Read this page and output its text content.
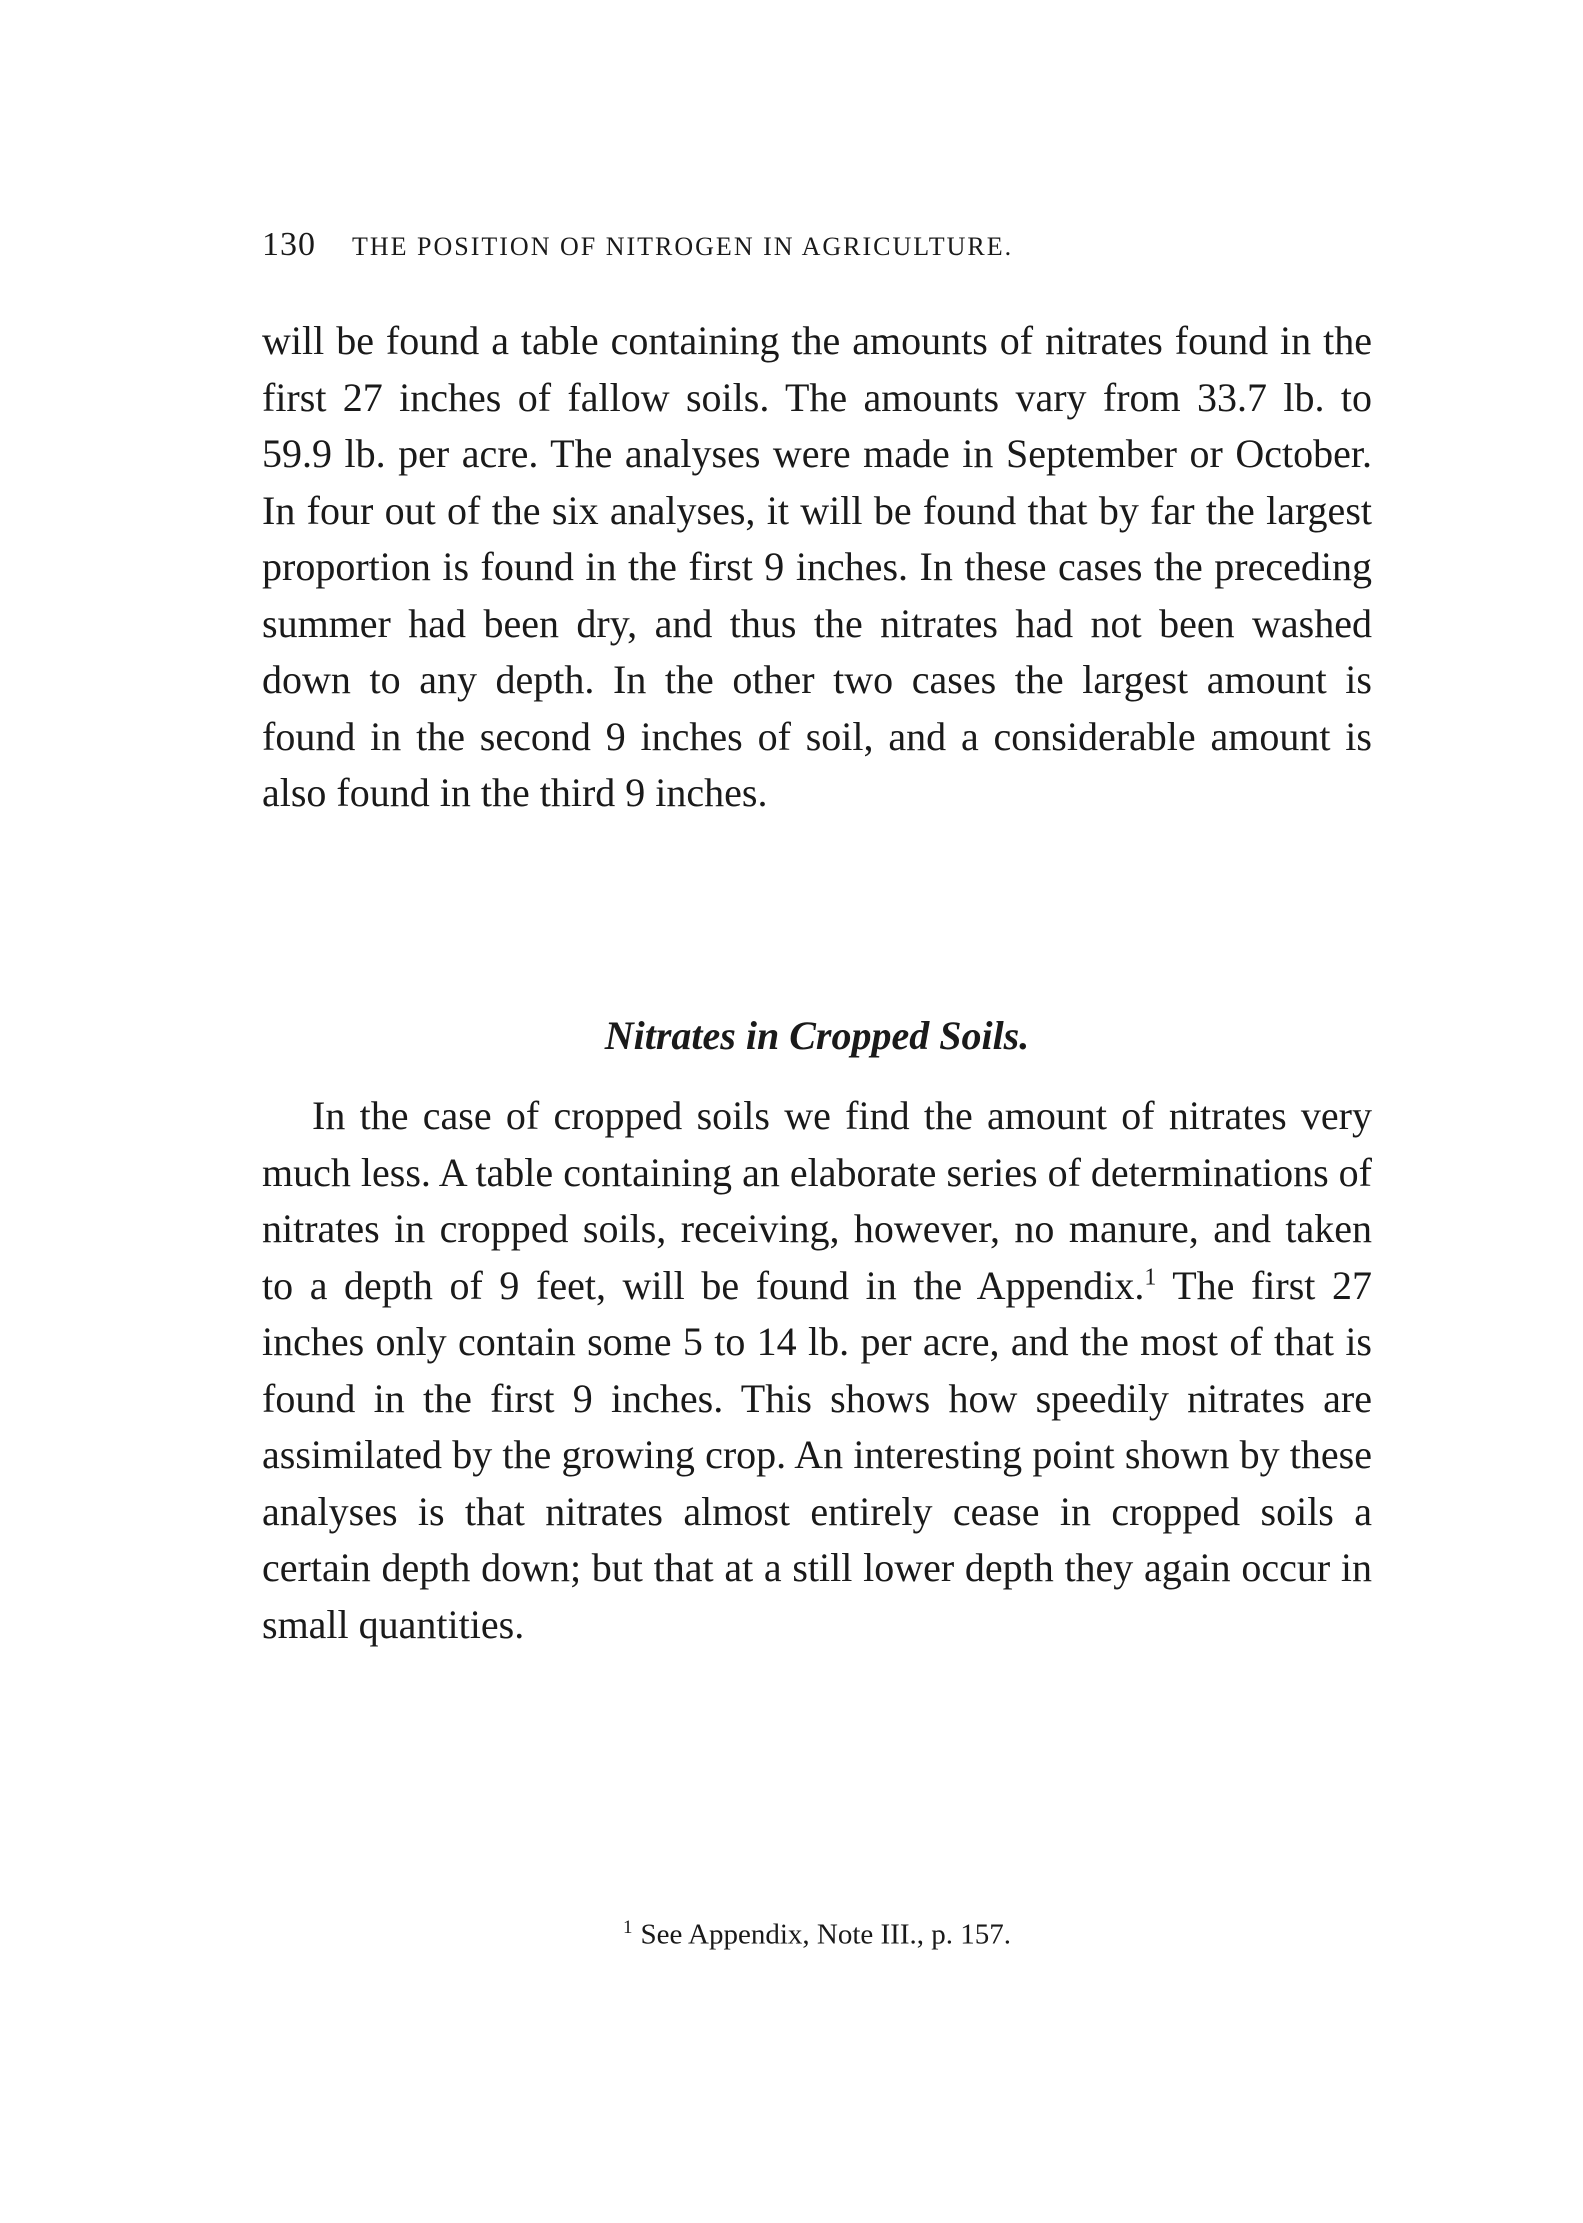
130 THE POSITION OF NITROGEN IN AGRICULTURE.

will be found a table containing the amounts of nitrates found in the first 27 inches of fallow soils. The amounts vary from 33.7 lb. to 59.9 lb. per acre. The analyses were made in September or October. In four out of the six analyses, it will be found that by far the largest proportion is found in the first 9 inches. In these cases the preceding summer had been dry, and thus the nitrates had not been washed down to any depth. In the other two cases the largest amount is found in the second 9 inches of soil, and a considerable amount is also found in the third 9 inches.

Nitrates in Cropped Soils.

In the case of cropped soils we find the amount of nitrates very much less. A table containing an elaborate series of determinations of nitrates in cropped soils, receiving, however, no manure, and taken to a depth of 9 feet, will be found in the Appendix.$^1$ The first 27 inches only contain some 5 to 14 lb. per acre, and the most of that is found in the first 9 inches. This shows how speedily nitrates are assimilated by the growing crop. An interesting point shown by these analyses is that nitrates almost entirely cease in cropped soils a certain depth down; but that at a still lower depth they again occur in small quantities.

$^1$ See Appendix, Note III., p. 157.
